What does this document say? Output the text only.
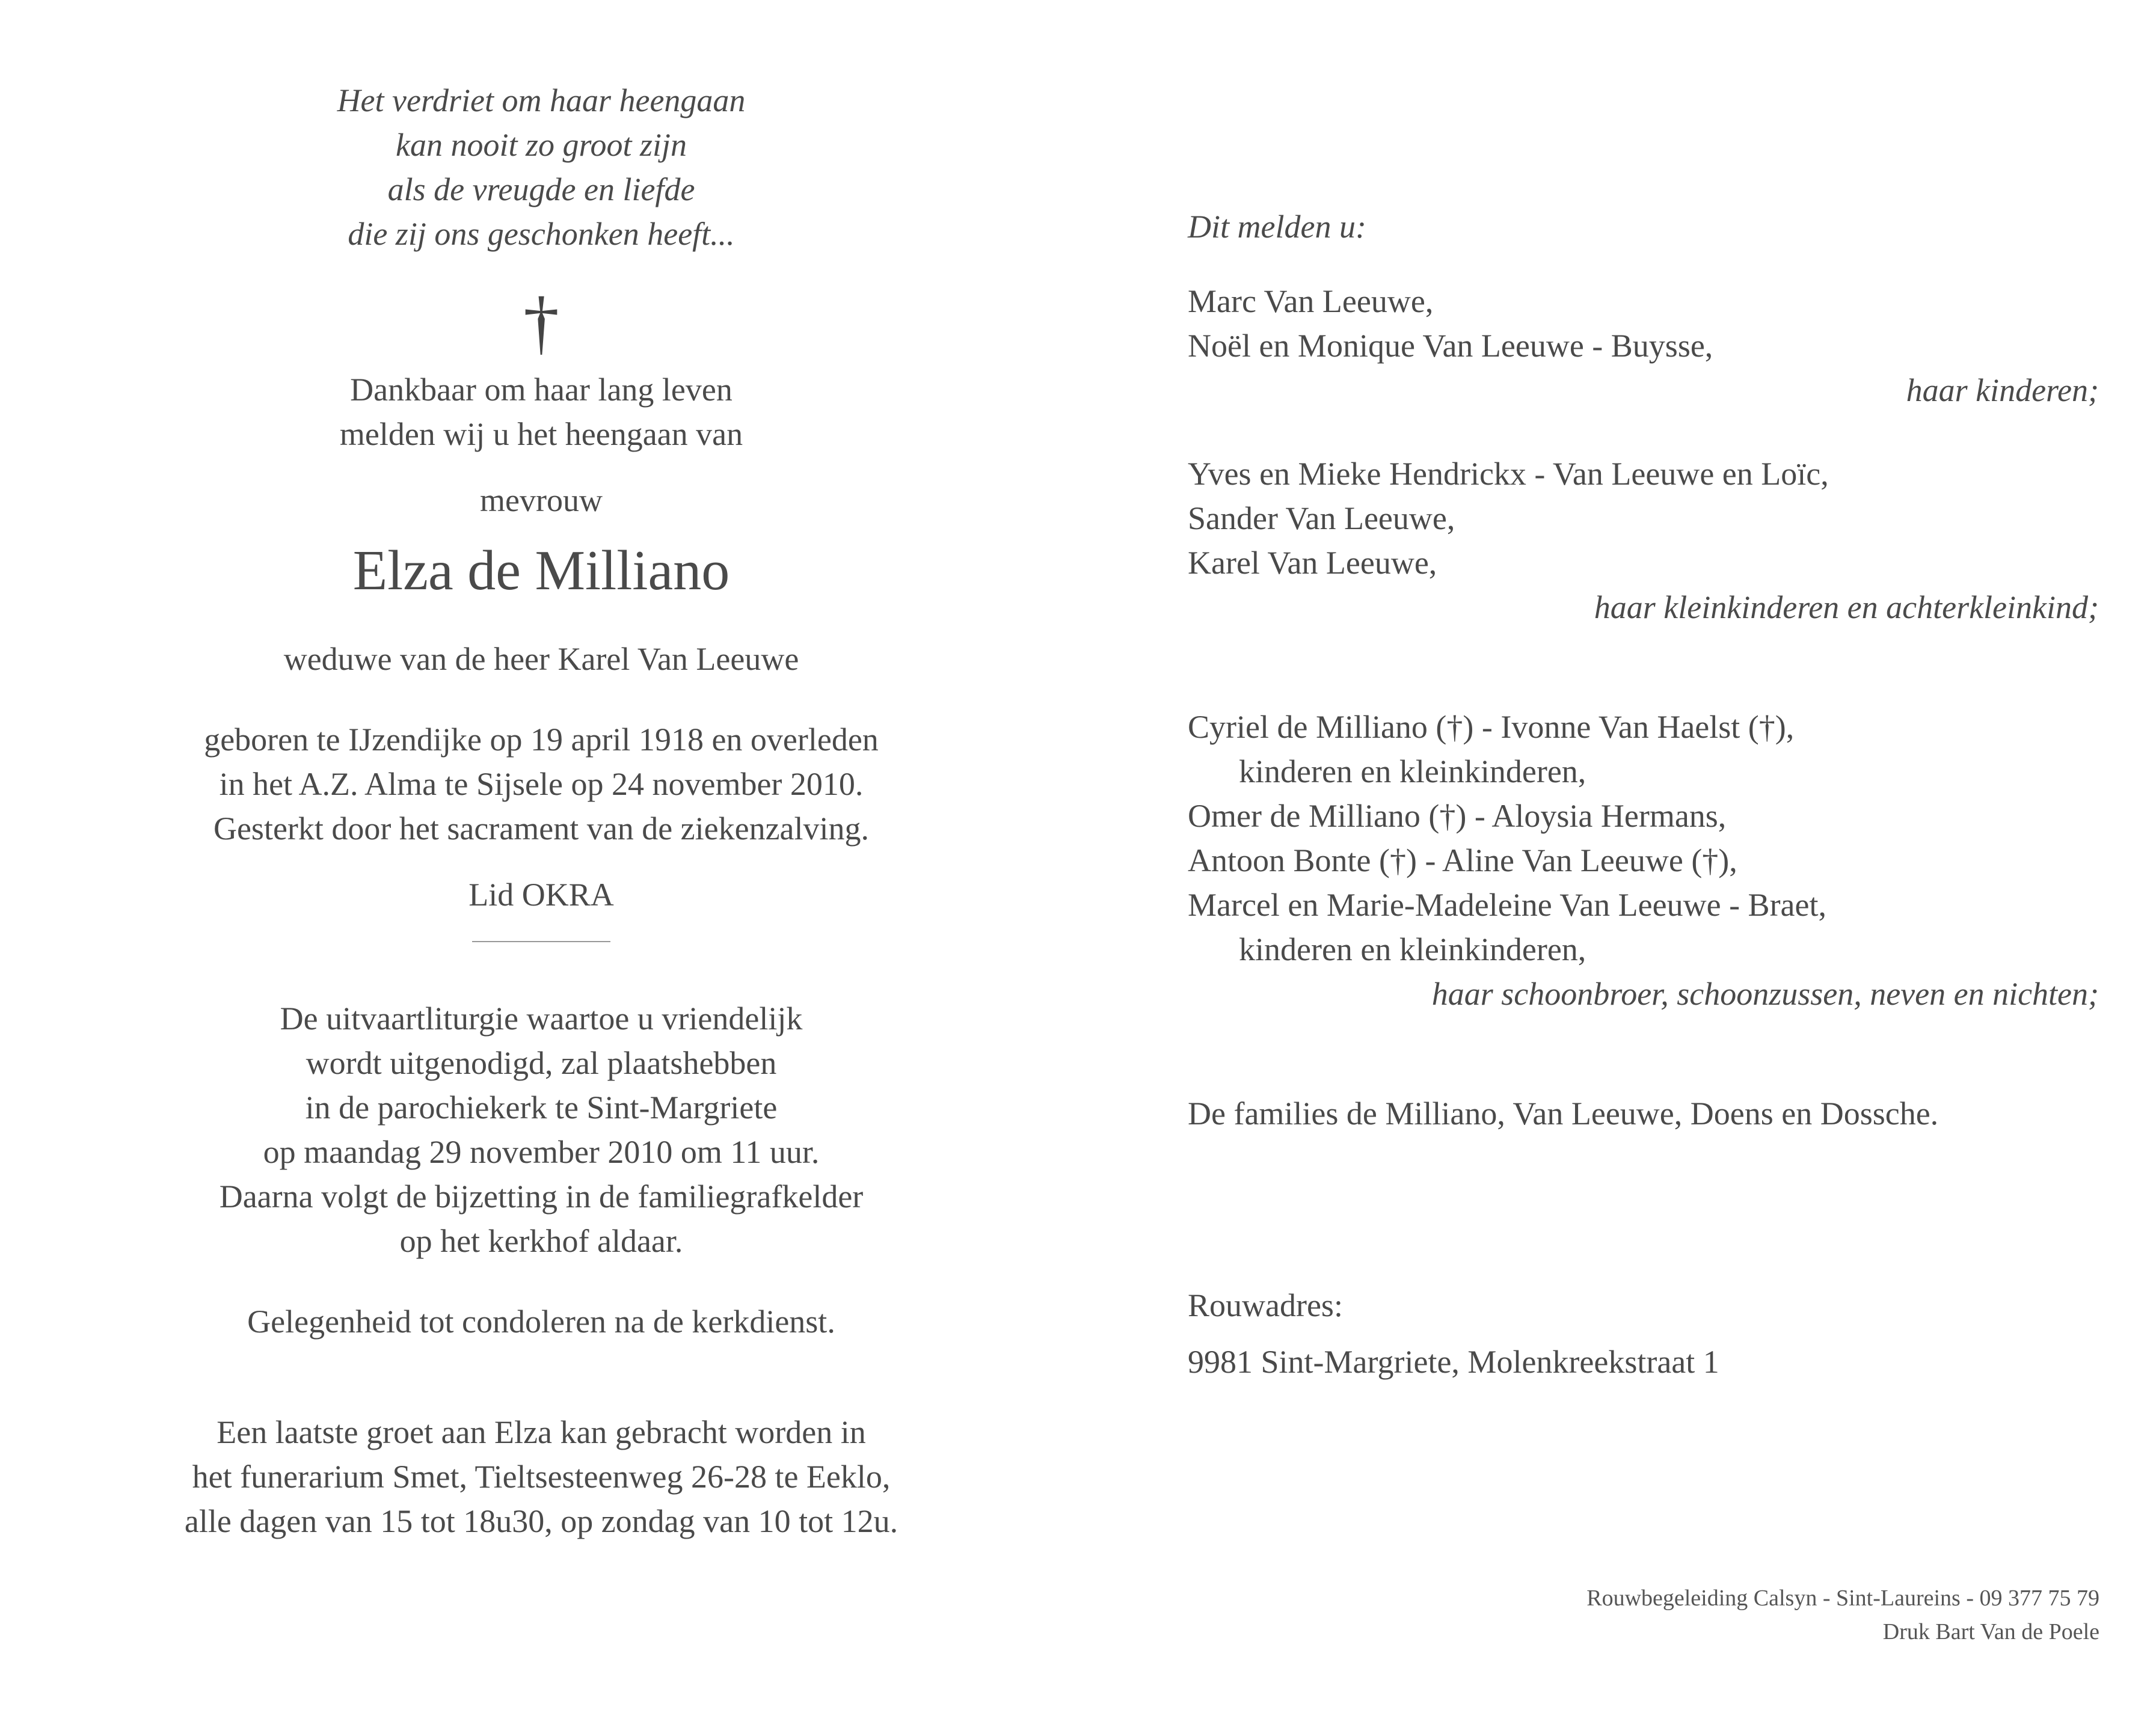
Het verdriet om haar heengaan
kan nooit zo groot zijn
als de vreugde en liefde
die zij ons geschonken heeft...
†
Dankbaar om haar lang leven
melden wij u het heengaan van
mevrouw
Elza de Milliano
weduwe van de heer Karel Van Leeuwe
geboren te IJzendijke op 19 april 1918 en overleden
in het A.Z. Alma te Sijsele op 24 november 2010.
Gesterkt door het sacrament van de ziekenzalving.
Lid OKRA
De uitvaartliturgie waartoe u vriendelijk
wordt uitgenodigd, zal plaatshebben
in de parochiekerk te Sint-Margriete
op maandag 29 november 2010 om 11 uur.
Daarna volgt de bijzetting in de familiegrafkelder
op het kerkhof aldaar.
Gelegenheid tot condoleren na de kerkdienst.
Een laatste groet aan Elza kan gebracht worden in
het funerarium Smet, Tieltsesteenweg 26-28 te Eeklo,
alle dagen van 15 tot 18u30, op zondag van 10 tot 12u.
Dit melden u:
Marc Van Leeuwe,
Noël en Monique Van Leeuwe - Buysse,
haar kinderen;
Yves en Mieke Hendrickx - Van Leeuwe en Loïc,
Sander Van Leeuwe,
Karel Van Leeuwe,
haar kleinkinderen en achterkleinkind;
Cyriel de Milliano (†) - Ivonne Van Haelst (†),
kinderen en kleinkinderen,
Omer de Milliano (†) - Aloysia Hermans,
Antoon Bonte (†) - Aline Van Leeuwe (†),
Marcel en Marie-Madeleine Van Leeuwe - Braet,
kinderen en kleinkinderen,
haar schoonbroer, schoonzussen, neven en nichten;
De families de Milliano, Van Leeuwe, Doens en Dossche.
Rouwadres:
9981 Sint-Margriete, Molenkreekstraat 1
Rouwbegeleiding Calsyn - Sint-Laureins - 09 377 75 79
Druk Bart Van de Poele
